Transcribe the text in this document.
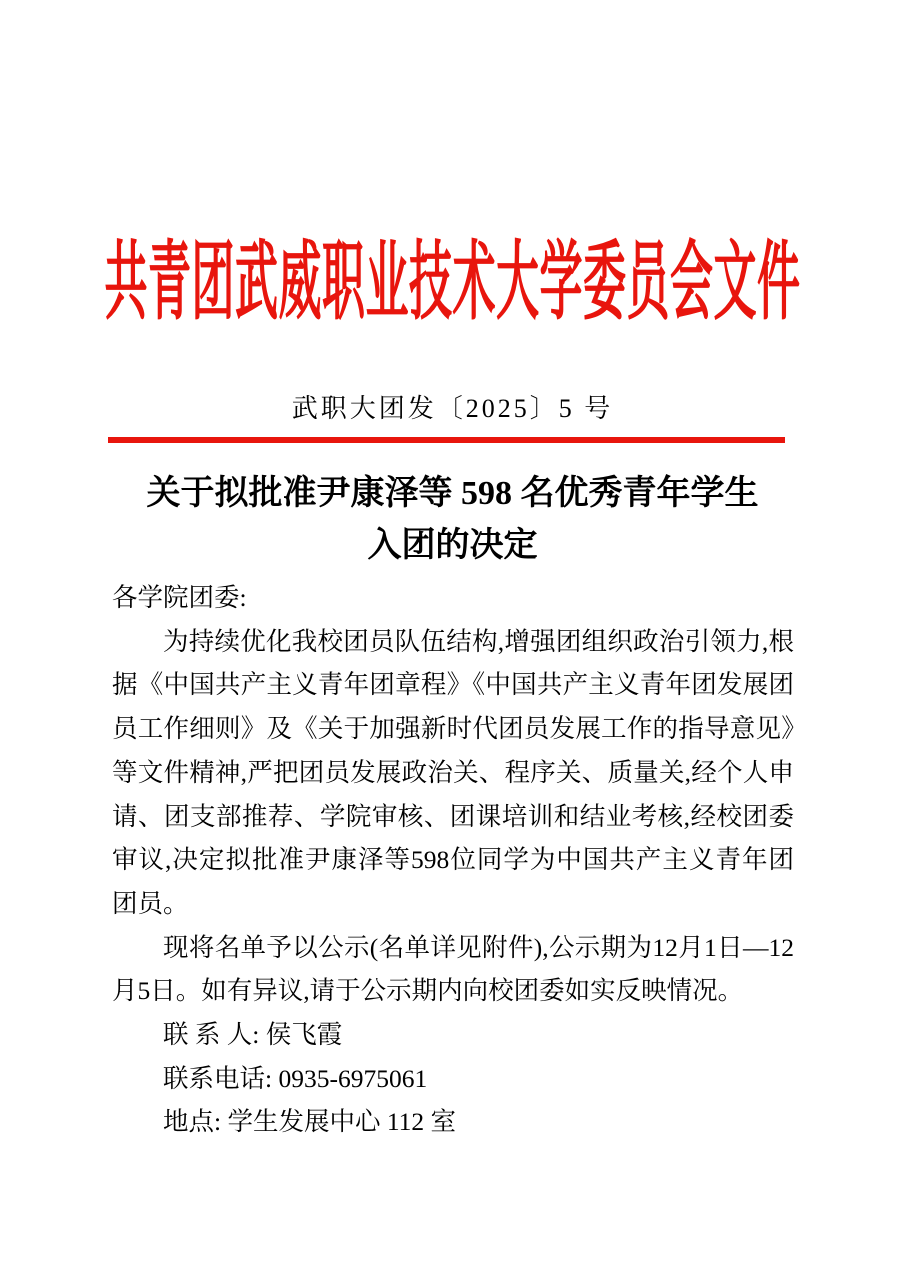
共青团武威职业技术大学委员会文件
武职大团发〔2025〕5 号
关于拟批准尹康泽等 598 名优秀青年学生
入团的决定

各学院团委:

为持续优化我校团员队伍结构,增强团组织政治引领力,根据《中国共产主义青年团章程》《中国共产主义青年团发展团员工作细则》及《关于加强新时代团员发展工作的指导意见》等文件精神,严把团员发展政治关、程序关、质量关,经个人申请、团支部推荐、学院审核、团课培训和结业考核,经校团委审议,决定拟批准尹康泽等598位同学为中国共产主义青年团团员。

现将名单予以公示(名单详见附件),公示期为12月1日—12月5日。如有异议,请于公示期内向校团委如实反映情况。

联 系 人: 侯飞霞

联系电话: 0935-6975061

地点: 学生发展中心 112 室
